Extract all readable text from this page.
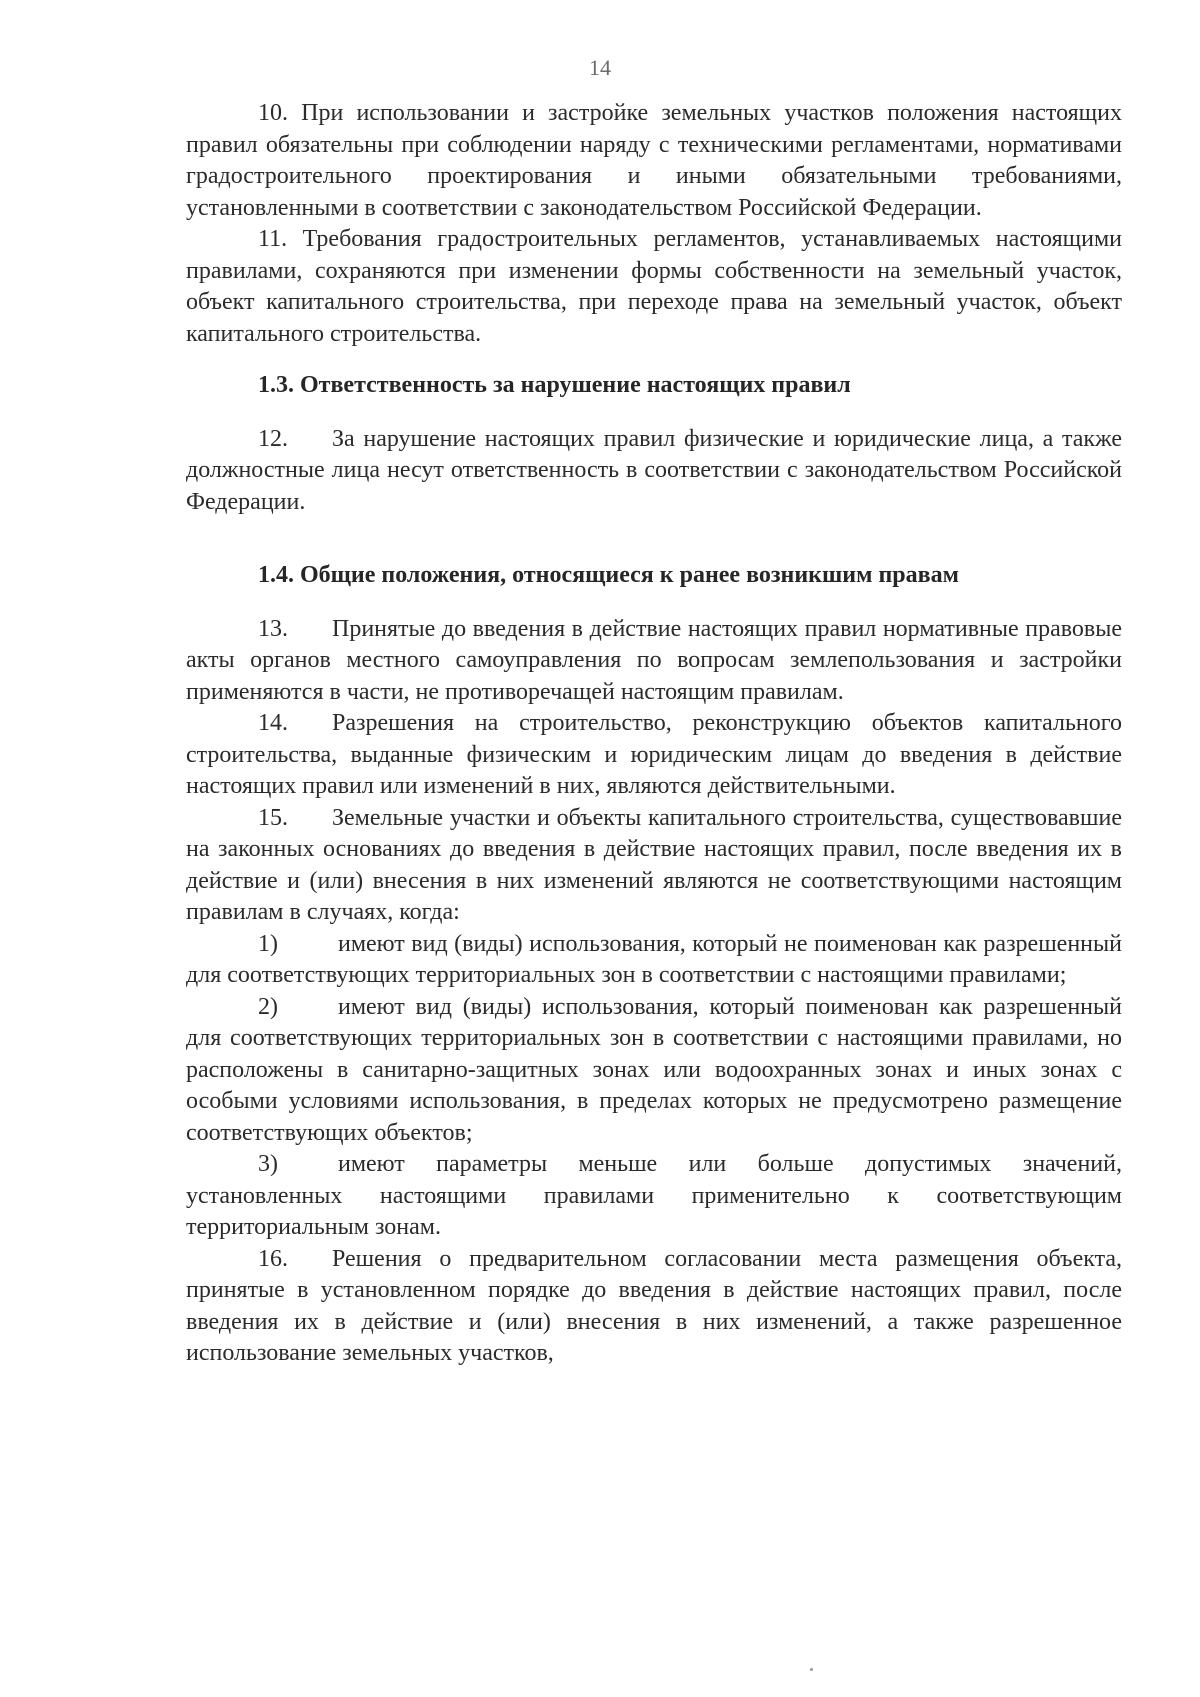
14

10. При использовании и застройке земельных участков положения настоящих правил обязательны при соблюдении наряду с техническими регламентами, нормативами градостроительного проектирования и иными обязательными требованиями, установленными в соответствии с законодательством Российской Федерации.

11. Требования градостроительных регламентов, устанавливаемых настоящими правилами, сохраняются при изменении формы собственности на земельный участок, объект капитального строительства, при переходе права на земельный участок, объект капитального строительства.

1.3. Ответственность за нарушение настоящих правил

12. За нарушение настоящих правил физические и юридические лица, а также должностные лица несут ответственность в соответствии с законодательством Российской Федерации.

1.4. Общие положения, относящиеся к ранее возникшим правам

13. Принятые до введения в действие настоящих правил нормативные правовые акты органов местного самоуправления по вопросам землепользования и застройки применяются в части, не противоречащей настоящим правилам.

14. Разрешения на строительство, реконструкцию объектов капитального строительства, выданные физическим и юридическим лицам до введения в действие настоящих правил или изменений в них, являются действительными.

15. Земельные участки и объекты капитального строительства, существовавшие на законных основаниях до введения в действие настоящих правил, после введения их в действие и (или) внесения в них изменений являются не соответствующими настоящим правилам в случаях, когда:

1)	имеют вид (виды) использования, который не поименован как разрешенный для соответствующих территориальных зон в соответствии с настоящими правилами;

2)	имеют вид (виды) использования, который поименован как разрешенный для соответствующих территориальных зон в соответствии с настоящими правилами, но расположены в санитарно-защитных зонах или водоохранных зонах и иных зонах с особыми условиями использования, в пределах которых не предусмотрено размещение соответствующих объектов;

3)	имеют параметры меньше или больше допустимых значений, установленных настоящими правилами применительно к соответствующим территориальным зонам.

16. Решения о предварительном согласовании места размещения объекта, принятые в установленном порядке до введения в действие настоящих правил, после введения их в действие и (или) внесения в них изменений, а также разрешенное использование земельных участков,
